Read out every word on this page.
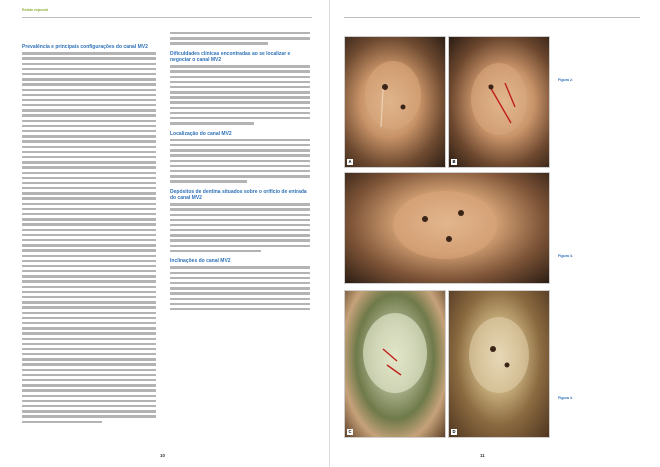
Relato especial
Prevalência e principais configurações do canal MV2
Dificuldades clínicas encontradas ao se localizar e negociar o canal MV2
Localização do canal MV2
Depósitos de dentina situados sobre o orifício de entrada do canal MV2
Inclinações do canal MV2
10
A	B
Figura 2.
Figura 3.
C	D
Figura 4.
11
